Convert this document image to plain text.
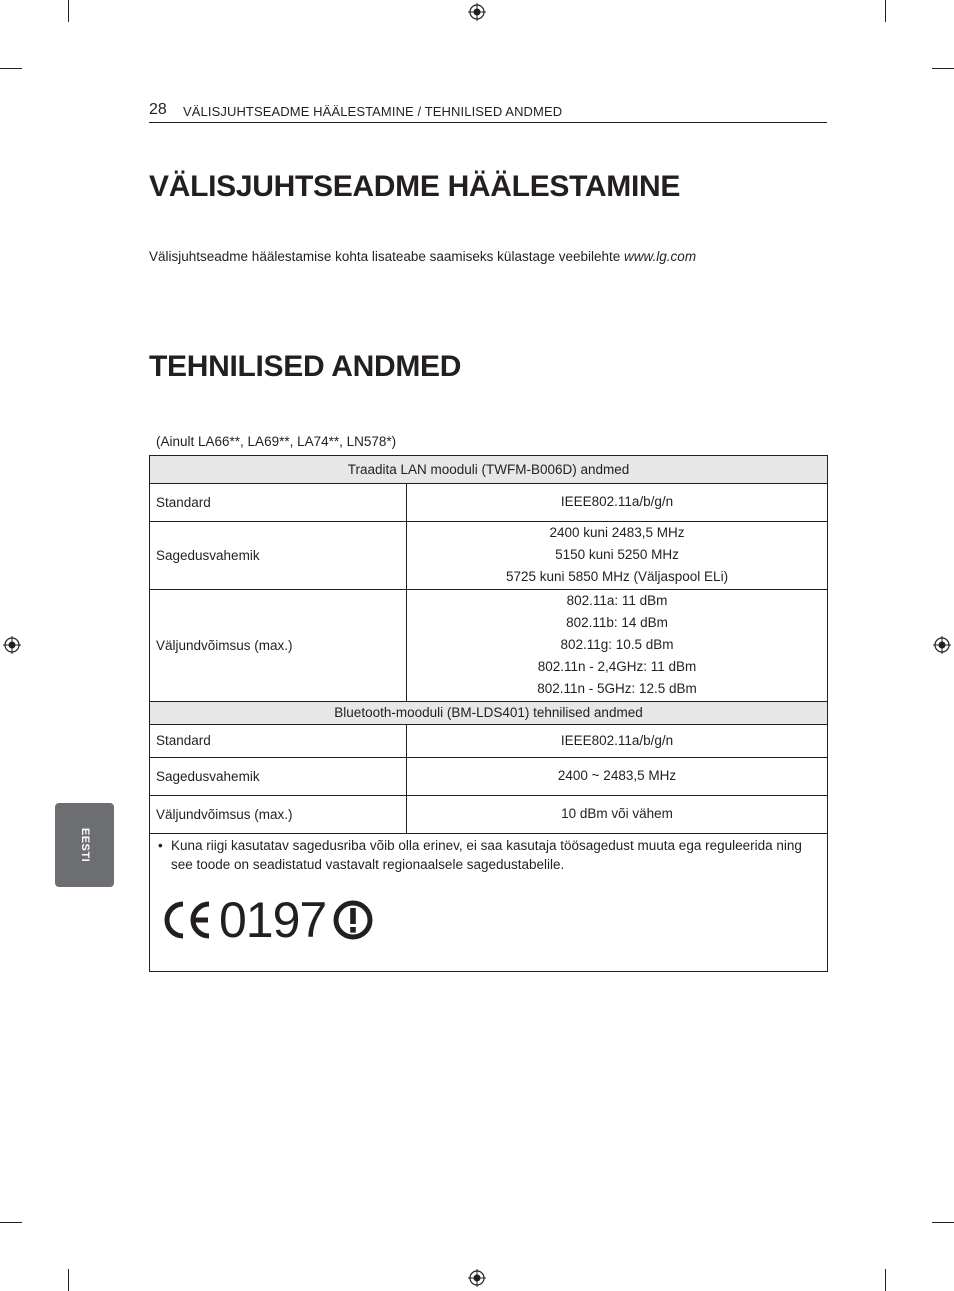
28 VÄLISJUHTSEADME HÄÄLESTAMINE / TEHNILISED ANDMED
VÄLISJUHTSEADME HÄÄLESTAMINE
Välisjuhtseadme häälestamise kohta lisateabe saamiseks külastage veebilehte www.lg.com
TEHNILISED ANDMED
(Ainult LA66**, LA69**, LA74**, LN578*)
Traadita LAN mooduli (TWFM-B006D) andmed	
Standard	IEEE802.11a/b/g/n

Sagedusvahemik	2400 kuni 2483,5 MHz
5150 kuni 5250 MHz
5725 kuni 5850 MHz (Väljaspool ELi)

Väljundvõimsus (max.)	802.11a: 11 dBm
802.11b: 14 dBm
802.11g: 10.5 dBm
802.11n - 2,4GHz: 11 dBm
802.11n - 5GHz: 12.5 dBm

Bluetooth-mooduli (BM-LDS401) tehnilised andmed	
Standard	IEEE802.11a/b/g/n
Sagedusvahemik	2400 ~ 2483,5 MHz
Väljundvõimsus (max.)	10 dBm või vähem

• Kuna riigi kasutatav sagedusriba võib olla erinev, ei saa kasutaja töösagedust muuta ega reguleerida ning see toode on seadistatud vastavalt regionaalsele sagedustabelile.
0197	
EESTI
